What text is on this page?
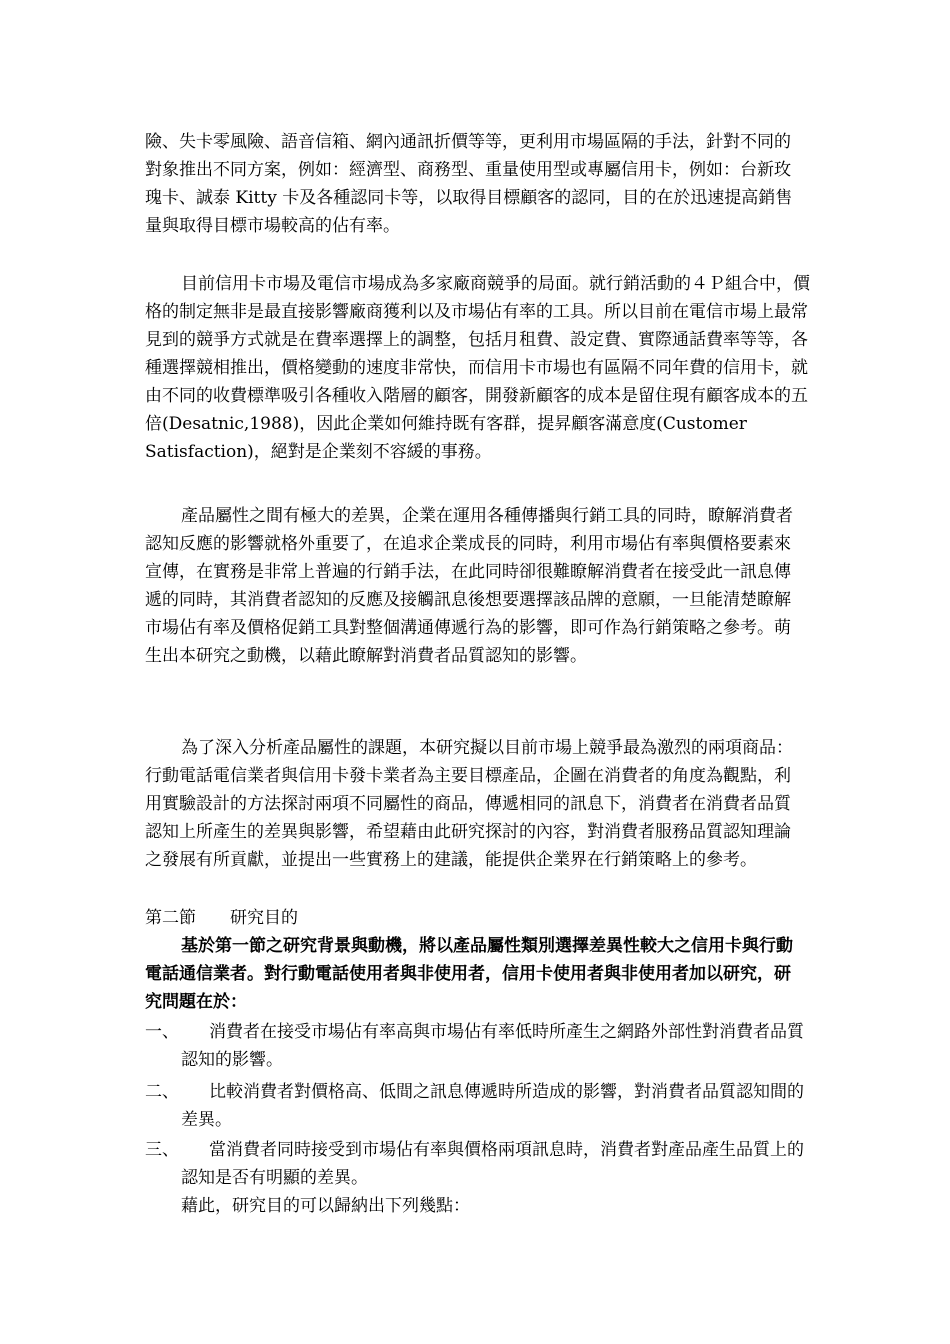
險、失卡零風險、語音信箱、網內通訊折價等等，更利用市場區隔的手法，針對不同的對象推出不同方案，例如：經濟型、商務型、重量使用型或專屬信用卡，例如：台新玫瑰卡、誠泰 Kitty 卡及各種認同卡等，以取得目標顧客的認同，目的在於迅速提高銷售量與取得目標市場較高的佔有率。

目前信用卡市場及電信市場成為多家廠商競爭的局面。就行銷活動的４Ｐ組合中，價格的制定無非是最直接影響廠商獲利以及市場佔有率的工具。所以目前在電信市場上最常見到的競爭方式就是在費率選擇上的調整，包括月租費、設定費、實際通話費率等等，各種選擇競相推出，價格變動的速度非常快，而信用卡市場也有區隔不同年費的信用卡，就由不同的收費標準吸引各種收入階層的顧客，開發新顧客的成本是留住現有顧客成本的五倍(Desatnic,1988)，因此企業如何維持既有客群，提昇顧客滿意度(Customer Satisfaction)，絕對是企業刻不容緩的事務。

產品屬性之間有極大的差異，企業在運用各種傳播與行銷工具的同時，瞭解消費者認知反應的影響就格外重要了，在追求企業成長的同時，利用市場佔有率與價格要素來宣傳，在實務是非常上普遍的行銷手法，在此同時卻很難瞭解消費者在接受此一訊息傳遞的同時，其消費者認知的反應及接觸訊息後想要選擇該品牌的意願，一旦能清楚瞭解市場佔有率及價格促銷工具對整個溝通傳遞行為的影響，即可作為行銷策略之參考。萌生出本研究之動機，以藉此瞭解對消費者品質認知的影響。

為了深入分析產品屬性的課題，本研究擬以目前市場上競爭最為激烈的兩項商品：行動電話電信業者與信用卡發卡業者為主要目標產品，企圖在消費者的角度為觀點，利用實驗設計的方法探討兩項不同屬性的商品，傳遞相同的訊息下，消費者在消費者品質認知上所產生的差異與影響，希望藉由此研究探討的內容，對消費者服務品質認知理論之發展有所貢獻，並提出一些實務上的建議，能提供企業界在行銷策略上的參考。

第二節　　研究目的

基於第一節之研究背景與動機，將以產品屬性類別選擇差異性較大之信用卡與行動電話通信業者。對行動電話使用者與非使用者，信用卡使用者與非使用者加以研究，研究問題在於：

一、	消費者在接受市場佔有率高與市場佔有率低時所產生之網路外部性對消費者品質認知的影響。
二、	比較消費者對價格高、低間之訊息傳遞時所造成的影響，對消費者品質認知間的差異。
三、	當消費者同時接受到市場佔有率與價格兩項訊息時，消費者對產品產生品質上的認知是否有明顯的差異。

藉此，研究目的可以歸納出下列幾點：
